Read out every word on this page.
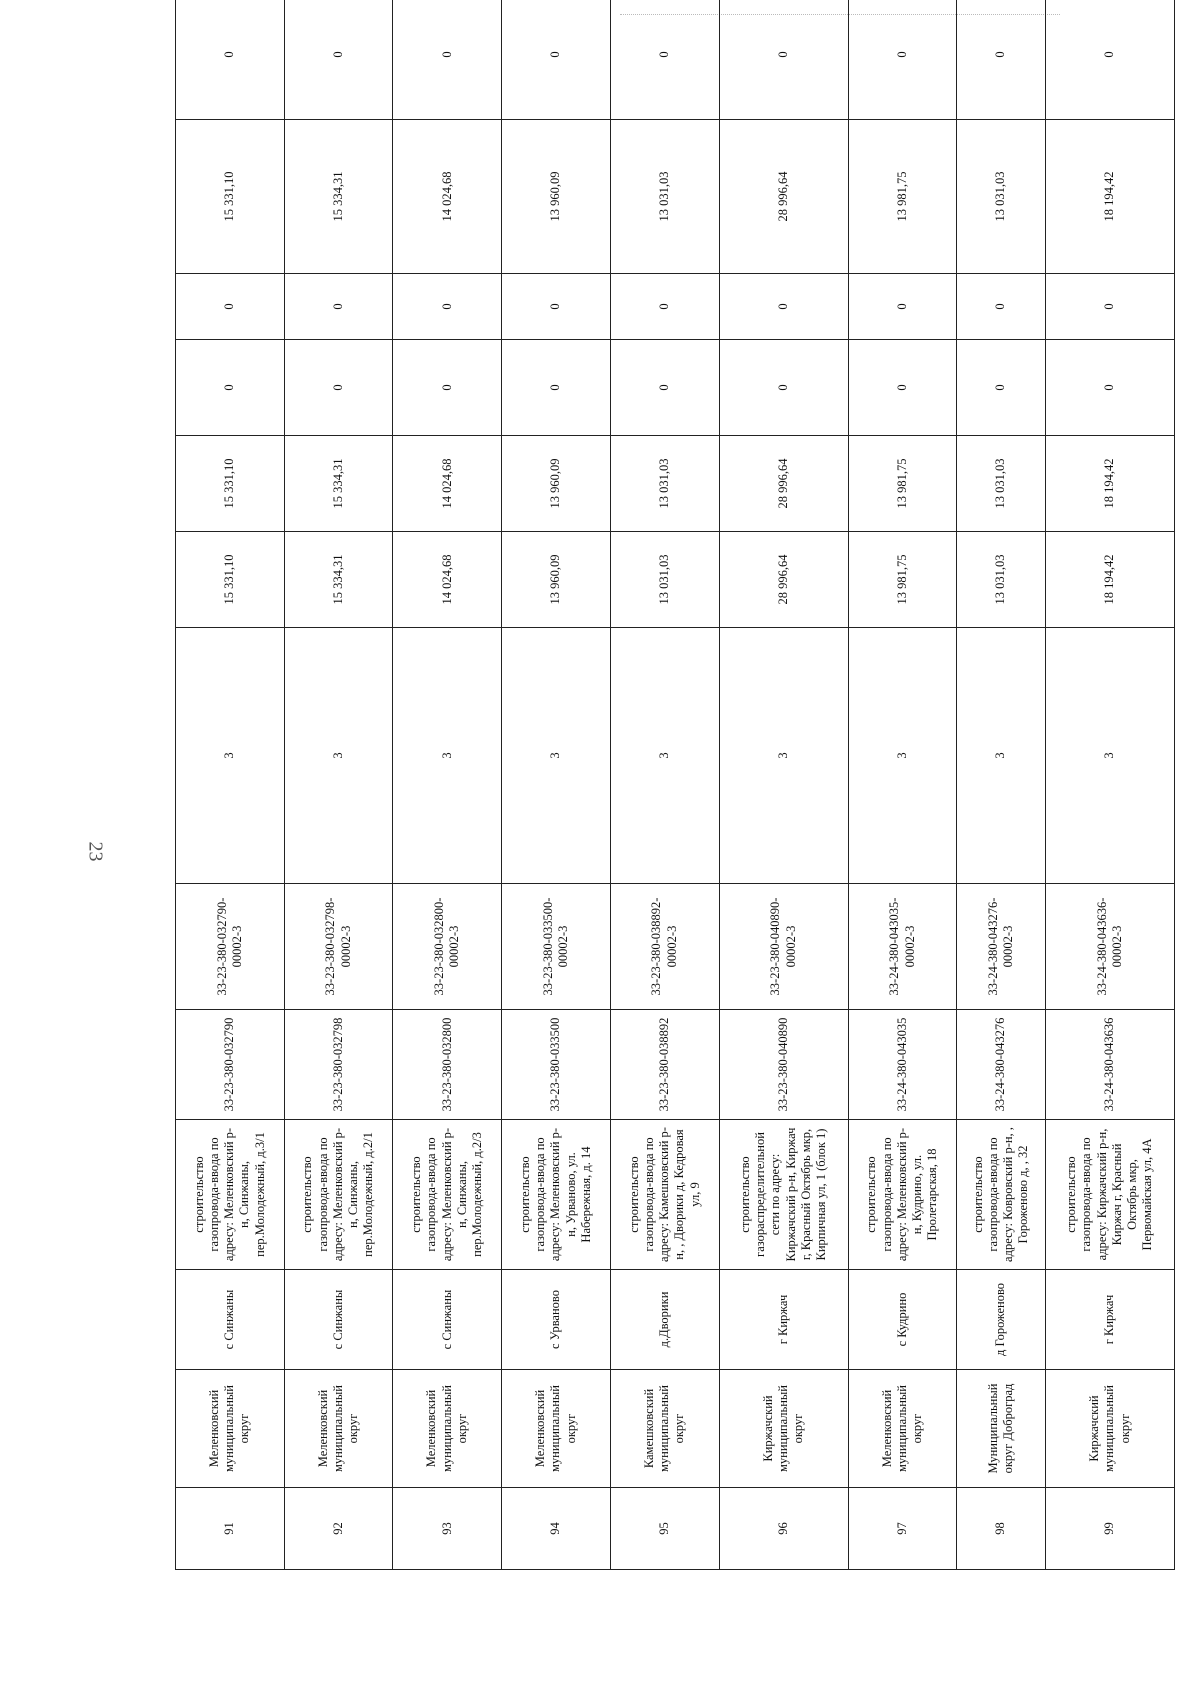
23
91	Меленковский муниципальный округ	с Синжаны	строительство газопровода-ввода по адресу: Меленковский р-н, Синжаны, пер.Молодежный, д.3/1	33-23-380-032790	33-23-380-032790-00002-3	3	15 331,10	15 331,10	0	0	15 331,10	0
92	Меленковский муниципальный округ	с Синжаны	строительство газопровода-ввода по адресу: Меленковский р-н, Синжаны, пер.Молодежный, д.2/1	33-23-380-032798	33-23-380-032798-00002-3	3	15 334,31	15 334,31	0	0	15 334,31	0
93	Меленковский муниципальный округ	с Синжаны	строительство газопровода-ввода по адресу: Меленковский р-н, Синжаны, пер.Молодежный, д.2/3	33-23-380-032800	33-23-380-032800-00002-3	3	14 024,68	14 024,68	0	0	14 024,68	0
94	Меленковский муниципальный округ	с Урваново	строительство газопровода-ввода по адресу: Меленковский р-н, Урвановo, ул. Набережная, д. 14	33-23-380-033500	33-23-380-033500-00002-3	3	13 960,09	13 960,09	0	0	13 960,09	0
95	Камешковский муниципальный округ	д.Дворики	строительство газопровода-ввода по адресу: Камешковский р-н, , Дворики д, Кедровая ул, 9	33-23-380-038892	33-23-380-038892-00002-3	3	13 031,03	13 031,03	0	0	13 031,03	0
96	Киржачский муниципальный округ	г Киржач	строительство газораспределительной сети по адресу: Киржачский р-н, Киржач г, Красный Октябрь мкр, Кирпичная ул, 1 (блок 1)	33-23-380-040890	33-23-380-040890-00002-3	3	28 996,64	28 996,64	0	0	28 996,64	0
97	Меленковский муниципальный округ	с Кудрино	строительство газопровода-ввода по адресу: Меленковский р-н, Кудрино, ул. Пролетарская, 18	33-24-380-043035	33-24-380-043035-00002-3	3	13 981,75	13 981,75	0	0	13 981,75	0
98	Муниципальный округ Доброград	д Гороженово	строительство газопровода-ввода по адресу: Ковровский р-н, , Гороженово д, , 32	33-24-380-043276	33-24-380-043276-00002-3	3	13 031,03	13 031,03	0	0	13 031,03	0
99	Киржачский муниципальный округ	г Киржач	строительство газопровода-ввода по адресу: Киржачский р-н, Киржач г, Красный Октябрь мкр, Первомайская ул, 4А	33-24-380-043636	33-24-380-043636-00002-3	3	18 194,42	18 194,42	0	0	18 194,42	0
